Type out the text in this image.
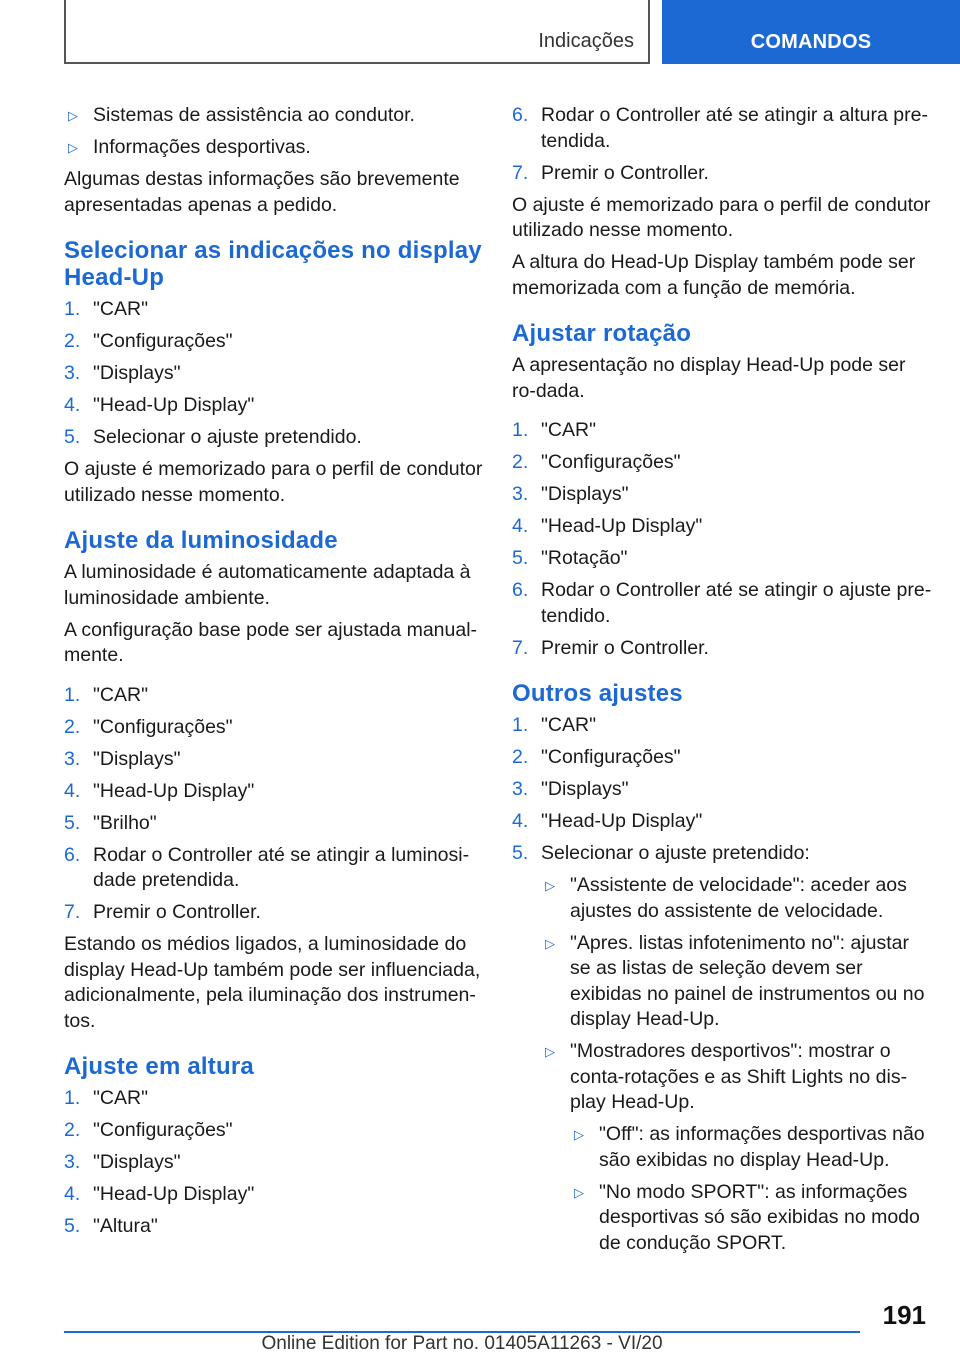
Indicações	COMANDOS
▷ Sistemas de assistência ao condutor.
▷ Informações desportivas.

Algumas destas informações são brevemente apresentadas apenas a pedido.

Selecionar as indicações no display Head-Up
1. "CAR"
2. "Configurações"
3. "Displays"
4. "Head-Up Display"
5. Selecionar o ajuste pretendido.

O ajuste é memorizado para o perfil de condutor utilizado nesse momento.

Ajuste da luminosidade

A luminosidade é automaticamente adaptada à luminosidade ambiente.

A configuração base pode ser ajustada manual‐mente.

1. "CAR"
2. "Configurações"
3. "Displays"
4. "Head-Up Display"
5. "Brilho"
6. Rodar o Controller até se atingir a luminosi‐dade pretendida.
7. Premir o Controller.

Estando os médios ligados, a luminosidade do display Head-Up também pode ser influenciada, adicionalmente, pela iluminação dos instrumen‐tos.

Ajuste em altura
1. "CAR"
2. "Configurações"
3. "Displays"
4. "Head-Up Display"
5. "Altura"
6. Rodar o Controller até se atingir a altura pre‐tendida.
7. Premir o Controller.

O ajuste é memorizado para o perfil de condutor utilizado nesse momento.

A altura do Head-Up Display também pode ser memorizada com a função de memória.

Ajustar rotação

A apresentação no display Head-Up pode ser ro‐dada.

1. "CAR"
2. "Configurações"
3. "Displays"
4. "Head-Up Display"
5. "Rotação"
6. Rodar o Controller até se atingir o ajuste pre‐tendido.
7. Premir o Controller.
Outros ajustes
1. "CAR"
2. "Configurações"
3. "Displays"
4. "Head-Up Display"
5. Selecionar o ajuste pretendido:
▷ "Assistente de velocidade": aceder aos ajustes do assistente de velocidade.
▷ "Apres. listas infotenimento no": ajustar se as listas de seleção devem ser exibidas no painel de instrumentos ou no display Head-Up.
▷ "Mostradores desportivos": mostrar o conta-rotações e as Shift Lights no dis‐play Head-Up.
▷ "Off": as informações desportivas não são exibidas no display Head-Up.
▷ "No modo SPORT": as informações desportivas só são exibidas no modo de condução SPORT.
191
Online Edition for Part no. 01405A11263 - VI/20
